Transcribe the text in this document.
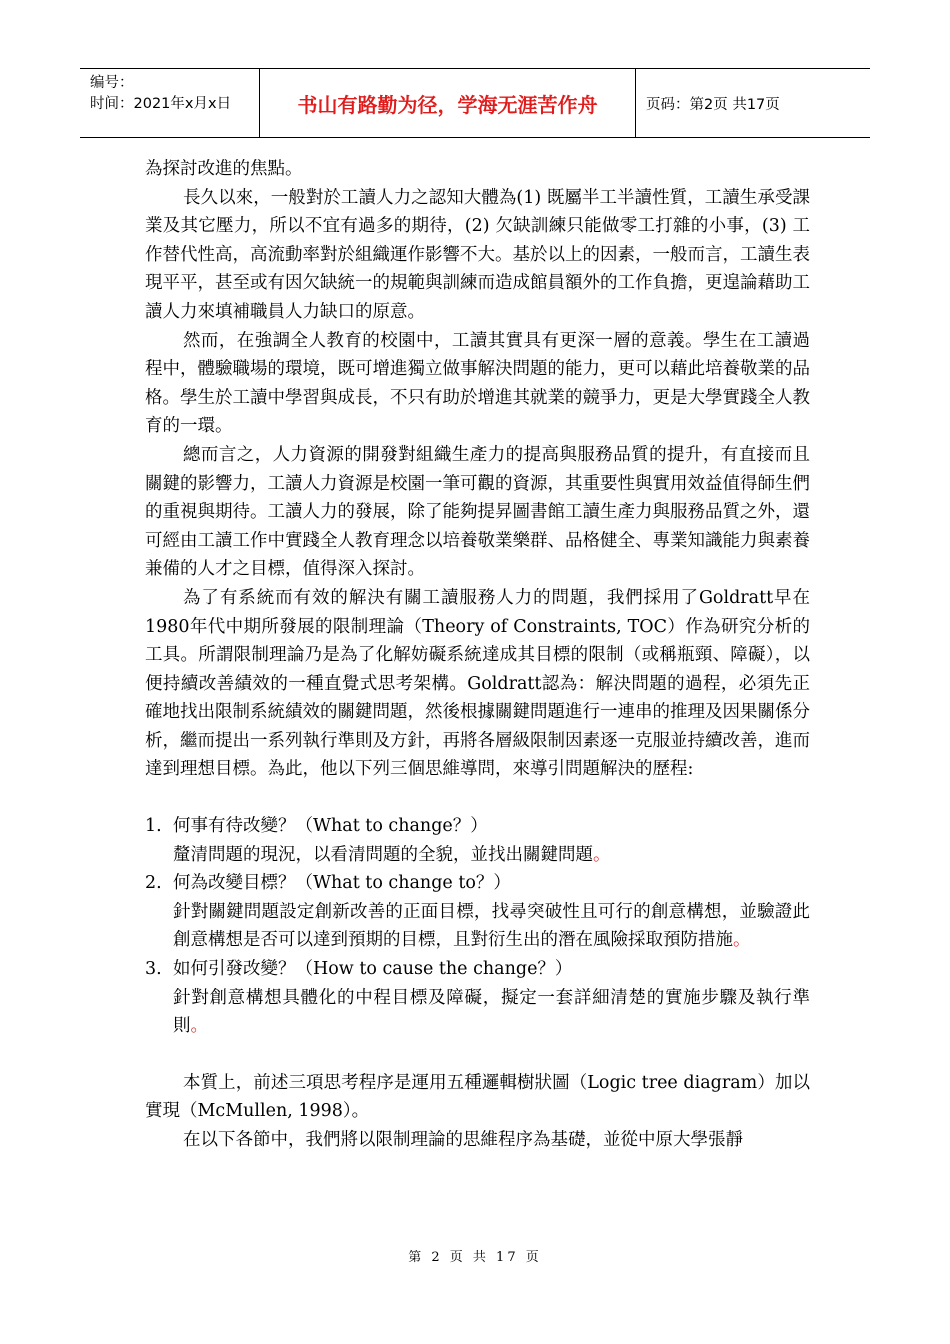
编号：
时间：2021年x月x日	书山有路勤为径，学海无涯苦作舟	页码：第2页 共17页

為探討改進的焦點。

長久以來，一般對於工讀人力之認知大體為(1) 既屬半工半讀性質，工讀生承受課業及其它壓力，所以不宜有過多的期待，(2) 欠缺訓練只能做零工打雜的小事，(3) 工作替代性高，高流動率對於組織運作影響不大。基於以上的因素，一般而言，工讀生表現平平，甚至或有因欠缺統一的規範與訓練而造成館員額外的工作負擔，更遑論藉助工讀人力來填補職員人力缺口的原意。

然而，在強調全人教育的校園中，工讀其實具有更深一層的意義。學生在工讀過程中，體驗職場的環境，既可增進獨立做事解決問題的能力，更可以藉此培養敬業的品格。學生於工讀中學習與成長，不只有助於增進其就業的競爭力，更是大學實踐全人教育的一環。

總而言之，人力資源的開發對組織生產力的提高與服務品質的提升，有直接而且關鍵的影響力，工讀人力資源是校園一筆可觀的資源，其重要性與實用效益值得師生們的重視與期待。工讀人力的發展，除了能夠提昇圖書館工讀生產力與服務品質之外，還可經由工讀工作中實踐全人教育理念以培養敬業樂群、品格健全、專業知識能力與素養兼備的人才之目標，值得深入探討。

為了有系統而有效的解決有關工讀服務人力的問題，我們採用了Goldratt早在1980年代中期所發展的限制理論（Theory of Constraints, TOC）作為研究分析的工具。所謂限制理論乃是為了化解妨礙系統達成其目標的限制（或稱瓶頸、障礙），以便持續改善績效的一種直覺式思考架構。Goldratt認為：解決問題的過程，必須先正確地找出限制系統績效的關鍵問題，然後根據關鍵問題進行一連串的推理及因果關係分析，繼而提出一系列執行準則及方針，再將各層級限制因素逐一克服並持續改善，進而達到理想目標。為此，他以下列三個思維導問，來導引問題解決的歷程:

1. 何事有待改變？（What to change？）
釐清問題的現況，以看清問題的全貌，並找出關鍵問題。
2. 何為改變目標？（What to change to？）
針對關鍵問題設定創新改善的正面目標，找尋突破性且可行的創意構想，並驗證此創意構想是否可以達到預期的目標，且對衍生出的潛在風險採取預防措施。
3. 如何引發改變？（How to cause the change？）
針對創意構想具體化的中程目標及障礙，擬定一套詳細清楚的實施步驟及執行準則。

本質上，前述三項思考程序是運用五種邏輯樹狀圖（Logic tree diagram）加以實現（McMullen, 1998）。

在以下各節中，我們將以限制理論的思維程序為基礎，並從中原大學張靜

第 2 页 共 17 页
